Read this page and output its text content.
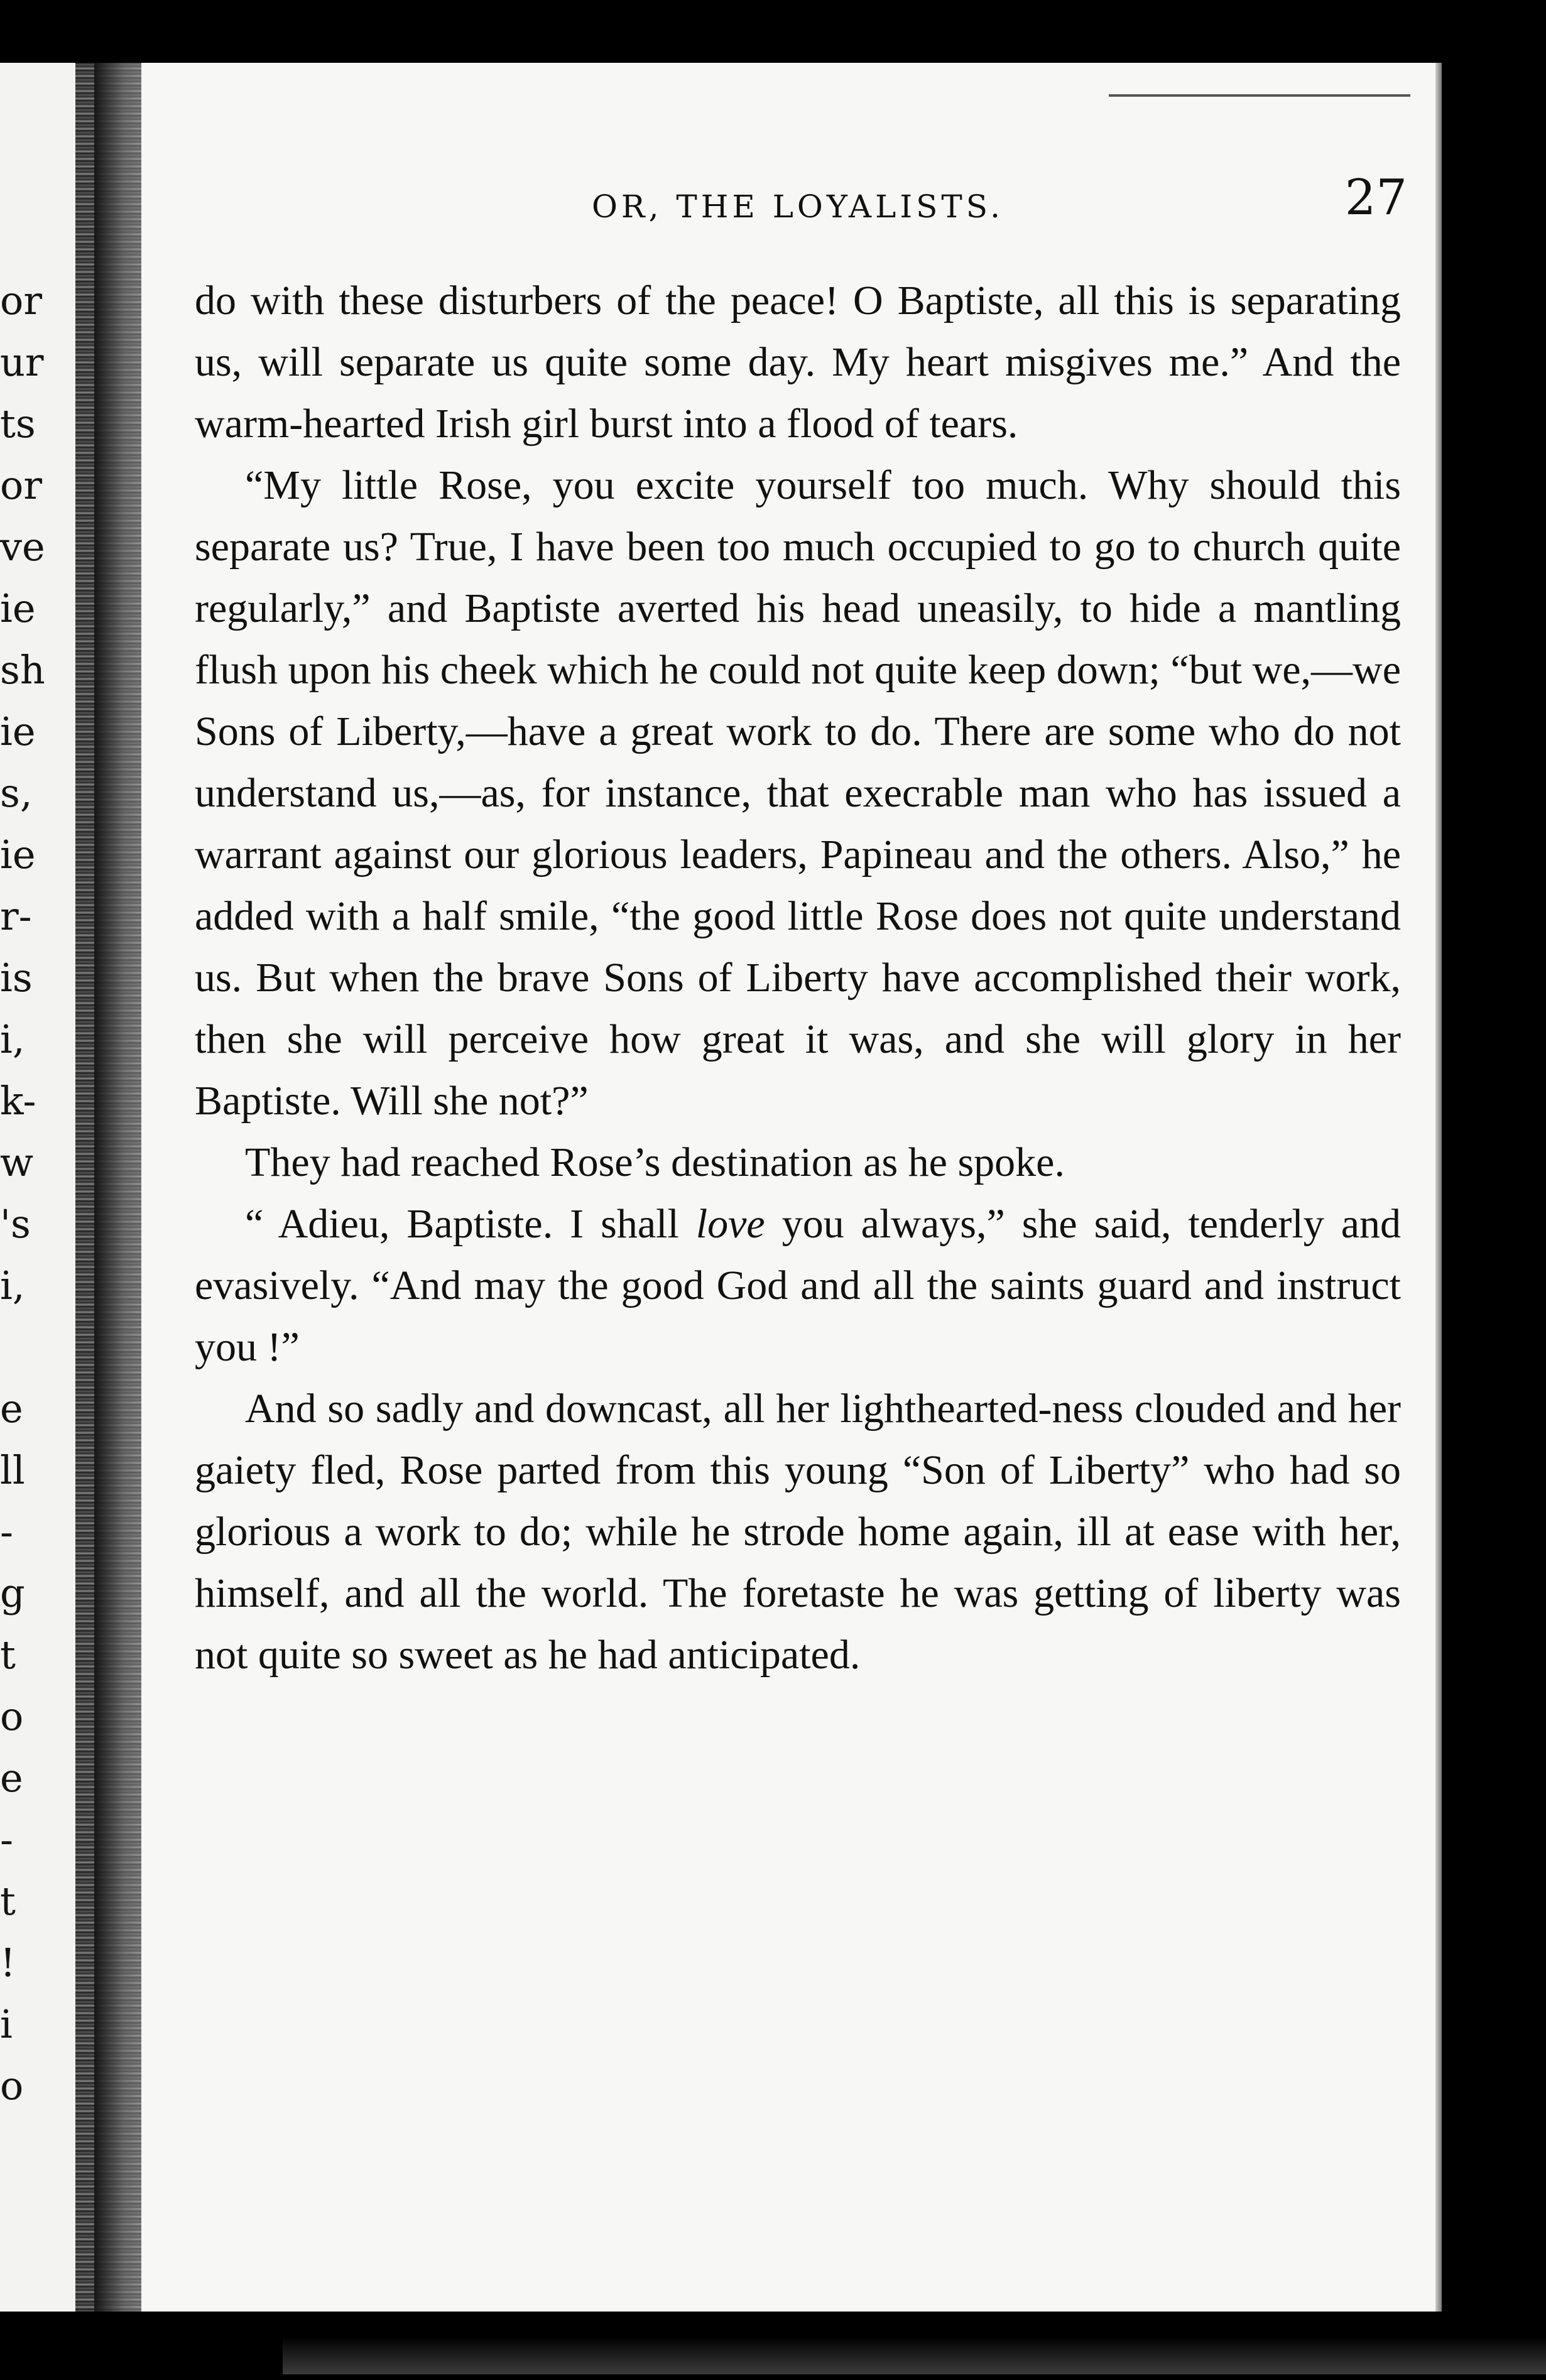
or
ur
ts
or
ve
ie
sh
ie
s,
ie
r-
is
i,
k-
w
's
i,
e
ll
-
g
t
o
e
-
t
!
i
o
OR, THE LOYALISTS.	27

do with these disturbers of the peace! O Baptiste, all this is separating us, will separate us quite some day. My heart misgives me.” And the warm-hearted Irish girl burst into a flood of tears.

“My little Rose, you excite yourself too much. Why should this separate us? True, I have been too much occupied to go to church quite regularly,” and Baptiste averted his head uneasily, to hide a mantling flush upon his cheek which he could not quite keep down; “but we,—we Sons of Liberty,—have a great work to do. There are some who do not understand us,—as, for instance, that execrable man who has issued a warrant against our glorious leaders, Papineau and the others. Also,” he added with a half smile, “the good little Rose does not quite understand us. But when the brave Sons of Liberty have accomplished their work, then she will perceive how great it was, and she will glory in her Baptiste. Will she not?”

They had reached Rose’s destination as he spoke.

“ Adieu, Baptiste. I shall love you always,” she said, tenderly and evasively. “And may the good God and all the saints guard and instruct you !”

And so sadly and downcast, all her lighthearted-ness clouded and her gaiety fled, Rose parted from this young “Son of Liberty” who had so glorious a work to do; while he strode home again, ill at ease with her, himself, and all the world. The foretaste he was getting of liberty was not quite so sweet as he had anticipated.
